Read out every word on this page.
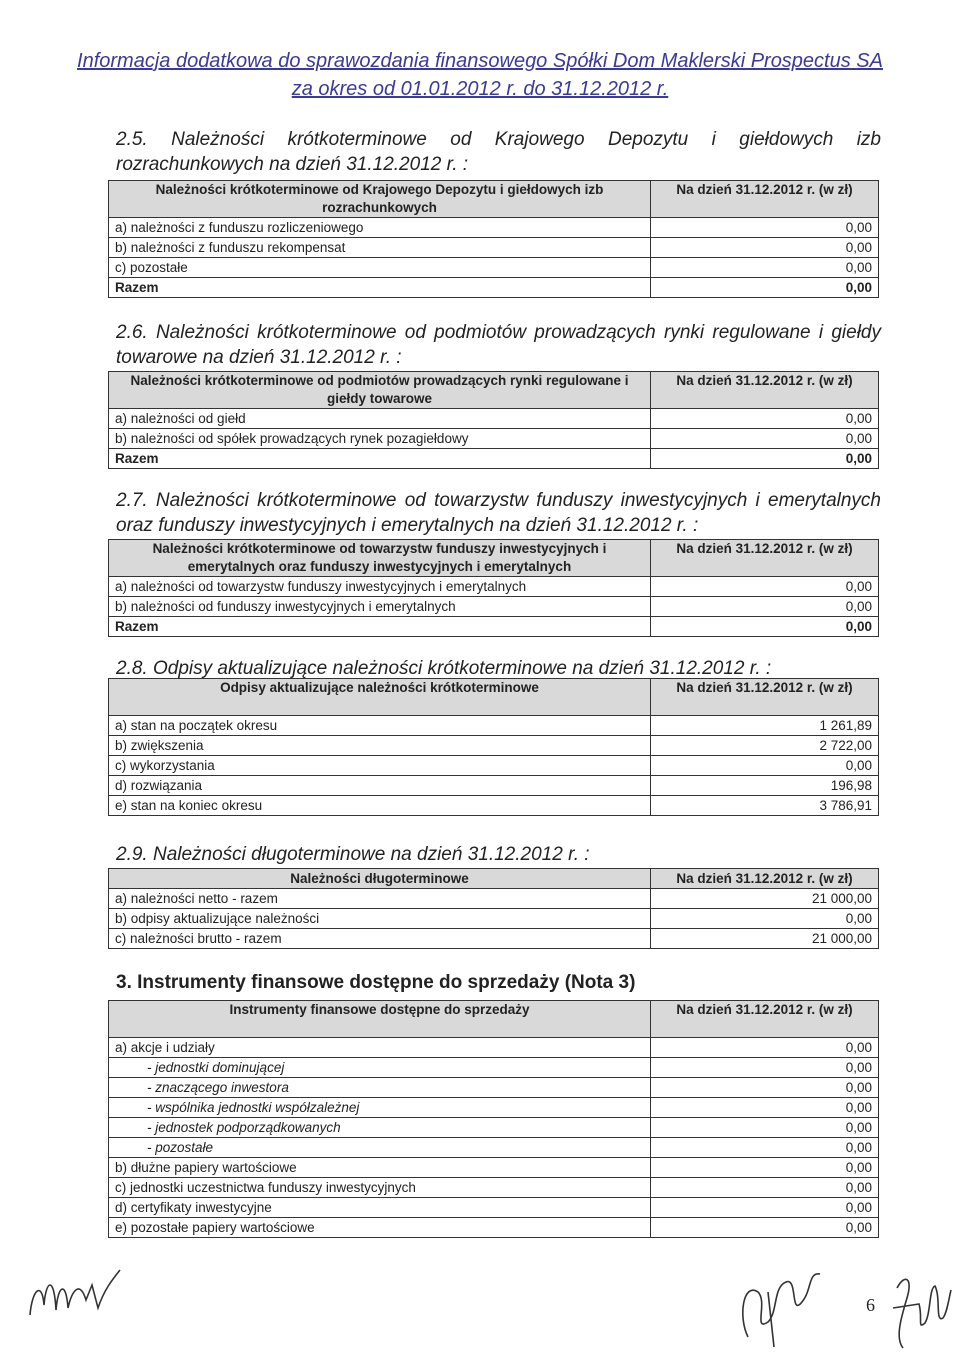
Informacja dodatkowa do sprawozdania finansowego Spółki Dom Maklerski Prospectus SA
za okres od 01.01.2012 r. do 31.12.2012 r.
2.5. Należności krótkoterminowe od Krajowego Depozytu i giełdowych izb rozrachunkowych na dzień 31.12.2012 r. :
Należności krótkoterminowe od Krajowego Depozytu i giełdowych izb rozrachunkowych	Na dzień 31.12.2012 r. (w zł)
a) należności z funduszu rozliczeniowego	0,00
b) należności z funduszu rekompensat	0,00
c) pozostałe	0,00
Razem	0,00
2.6. Należności krótkoterminowe od podmiotów prowadzących rynki regulowane i giełdy towarowe na dzień 31.12.2012 r. :
Należności krótkoterminowe od podmiotów prowadzących rynki regulowane i giełdy towarowe	Na dzień 31.12.2012 r. (w zł)
a) należności od giełd	0,00
b) należności od spółek prowadzących rynek pozagiełdowy	0,00
Razem	0,00
2.7. Należności krótkoterminowe od towarzystw funduszy inwestycyjnych i emerytalnych oraz funduszy inwestycyjnych i emerytalnych na dzień 31.12.2012 r. :
Należności krótkoterminowe od towarzystw funduszy inwestycyjnych i emerytalnych oraz funduszy inwestycyjnych i emerytalnych	Na dzień 31.12.2012 r. (w zł)
a) należności od towarzystw funduszy inwestycyjnych i emerytalnych	0,00
b) należności od funduszy inwestycyjnych i emerytalnych	0,00
Razem	0,00
2.8. Odpisy aktualizujące należności krótkoterminowe na dzień 31.12.2012 r. :
Odpisy aktualizujące należności krótkoterminowe	Na dzień 31.12.2012 r. (w zł)
a) stan na początek okresu	1 261,89
b) zwiększenia	2 722,00
c) wykorzystania	0,00
d) rozwiązania	196,98
e) stan na koniec okresu	3 786,91
2.9. Należności długoterminowe na dzień 31.12.2012 r. :
Należności długoterminowe	Na dzień 31.12.2012 r. (w zł)
a) należności netto - razem	21 000,00
b) odpisy aktualizujące należności	0,00
c) należności brutto - razem	21 000,00
3. Instrumenty finansowe dostępne do sprzedaży (Nota 3)
Instrumenty finansowe dostępne do sprzedaży	Na dzień 31.12.2012 r. (w zł)
a) akcje i udziały	0,00
- jednostki dominującej	0,00
- znaczącego inwestora	0,00
- wspólnika jednostki współzależnej	0,00
- jednostek podporządkowanych	0,00
- pozostałe	0,00
b) dłużne papiery wartościowe	0,00
c) jednostki uczestnictwa funduszy inwestycyjnych	0,00
d) certyfikaty inwestycyjne	0,00
e) pozostałe papiery wartościowe	0,00
6
